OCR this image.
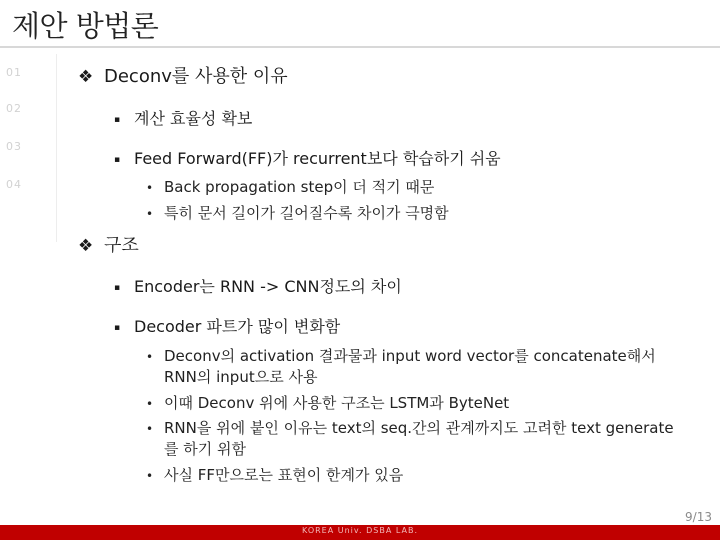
제안 방법론
01
02
03
04
❖ Deconv를 사용한 이유
▪ 계산 효율성 확보
▪ Feed Forward(FF)가 recurrent보다 학습하기 쉬움
• Back propagation step이 더 적기 때문
• 특히 문서 길이가 길어질수록 차이가 극명함
❖ 구조
▪ Encoder는 RNN -> CNN정도의 차이
▪ Decoder 파트가 많이 변화함
• Deconv의 activation 결과물과 input word vector를 concatenate해서
RNN의 input으로 사용
• 이때 Deconv 위에 사용한 구조는 LSTM과 ByteNet
• RNN을 위에 붙인 이유는 text의 seq.간의 관계까지도 고려한 text generate
를 하기 위함
• 사실 FF만으로는 표현이 한계가 있음
9/13
KOREA Univ. DSBA LAB.
